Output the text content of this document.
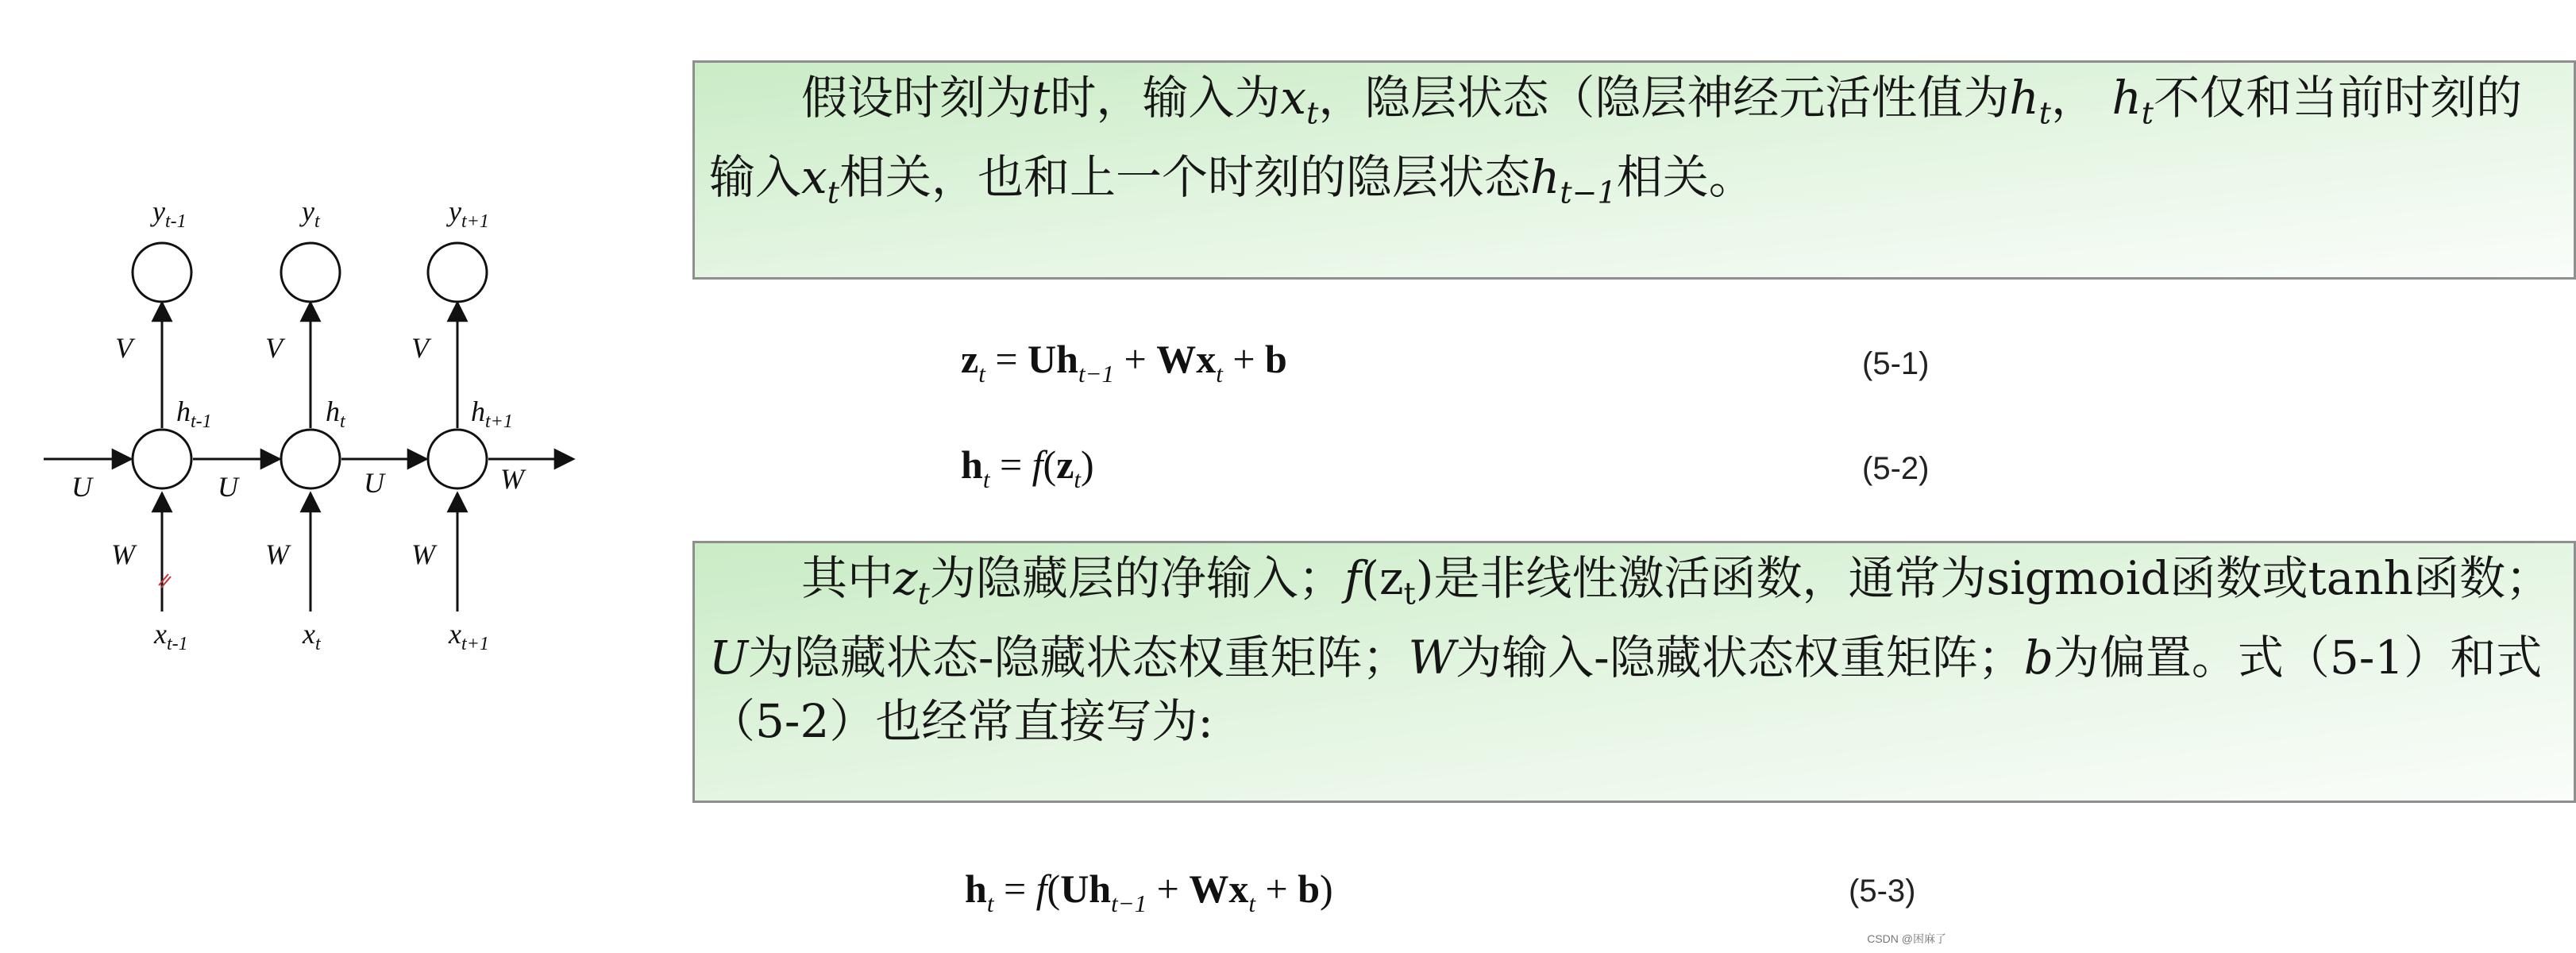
$y_{t-1}$	$y_t$	$y_{t+1}$
V	V	V
$h_{t-1}$	$h_t$	$h_{t+1}$
U	U	U	W
W	W	W
$x_{t-1}$	$x_t$	$x_{t+1}$

假设时刻为t时，输入为$x_t$，隐层状态（隐层神经元活性值为$h_t$， $h_t$不仅和当前时刻的输入$x_t$相关，也和上一个时刻的隐层状态$h_{t-1}$相关。

$z_t = Uh_{t-1} + Wx_t + b$	(5-1)
$h_t = f(z_t)$	(5-2)

其中$z_t$为隐藏层的净输入；$f(z_t)$是非线性激活函数，通常为sigmoid函数或tanh函数；U为隐藏状态-隐藏状态权重矩阵；W为输入-隐藏状态权重矩阵；b为偏置。式（5-1）和式（5-2）也经常直接写为:

$h_t = f(Uh_{t-1} + Wx_t + b)$	(5-3)
CSDN @困麻了
